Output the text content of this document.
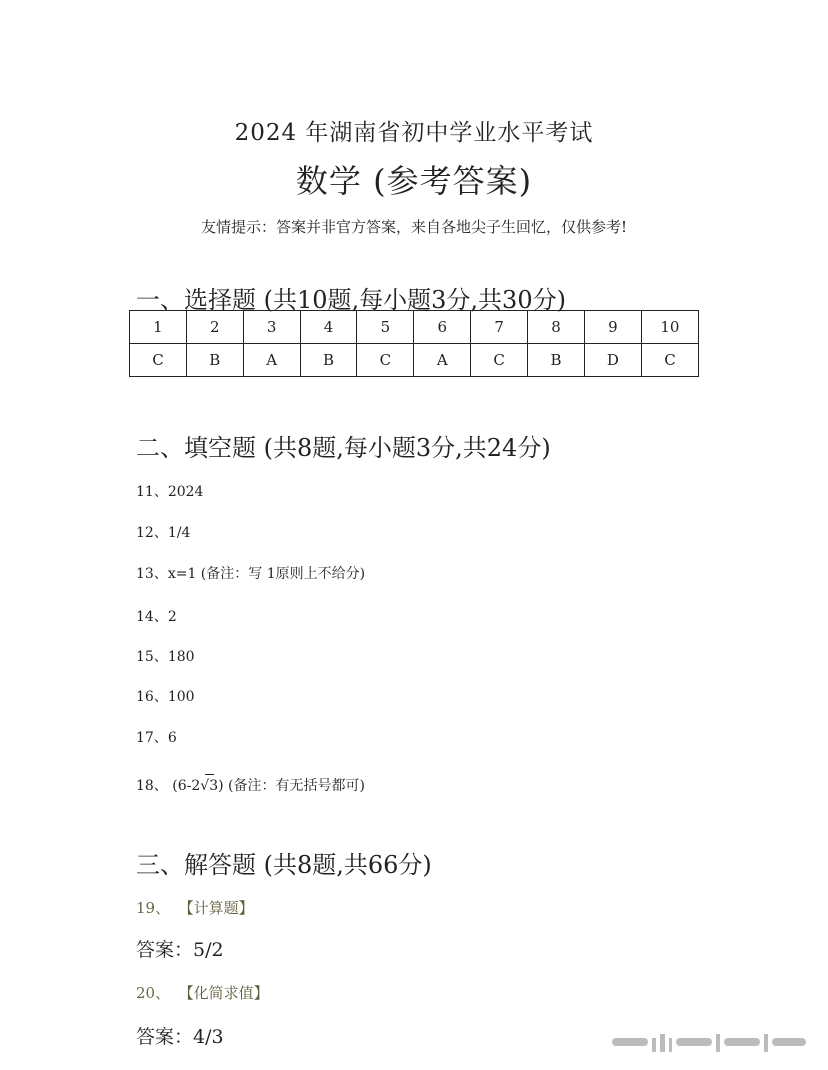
2024 年湖南省初中学业水平考试
数学 (参考答案)
友情提示：答案并非官方答案，来自各地尖子生回忆，仅供参考!
一、选择题 (共10题,每小题3分,共30分)
1	2	3	4	5	6	7	8	9	10
C	B	A	B	C	A	C	B	D	C
二、填空题 (共8题,每小题3分,共24分)
11、2024
12、1/4
13、x=1 (备注：写 1原则上不给分)
14、2
15、180
16、100
17、6
18、 (6-2
√3) (备注：有无括号都可)
三、解答题 (共8题,共66分)
19、 【计算题】
答案：5/2
20、 【化简求值】
答案：4/3
